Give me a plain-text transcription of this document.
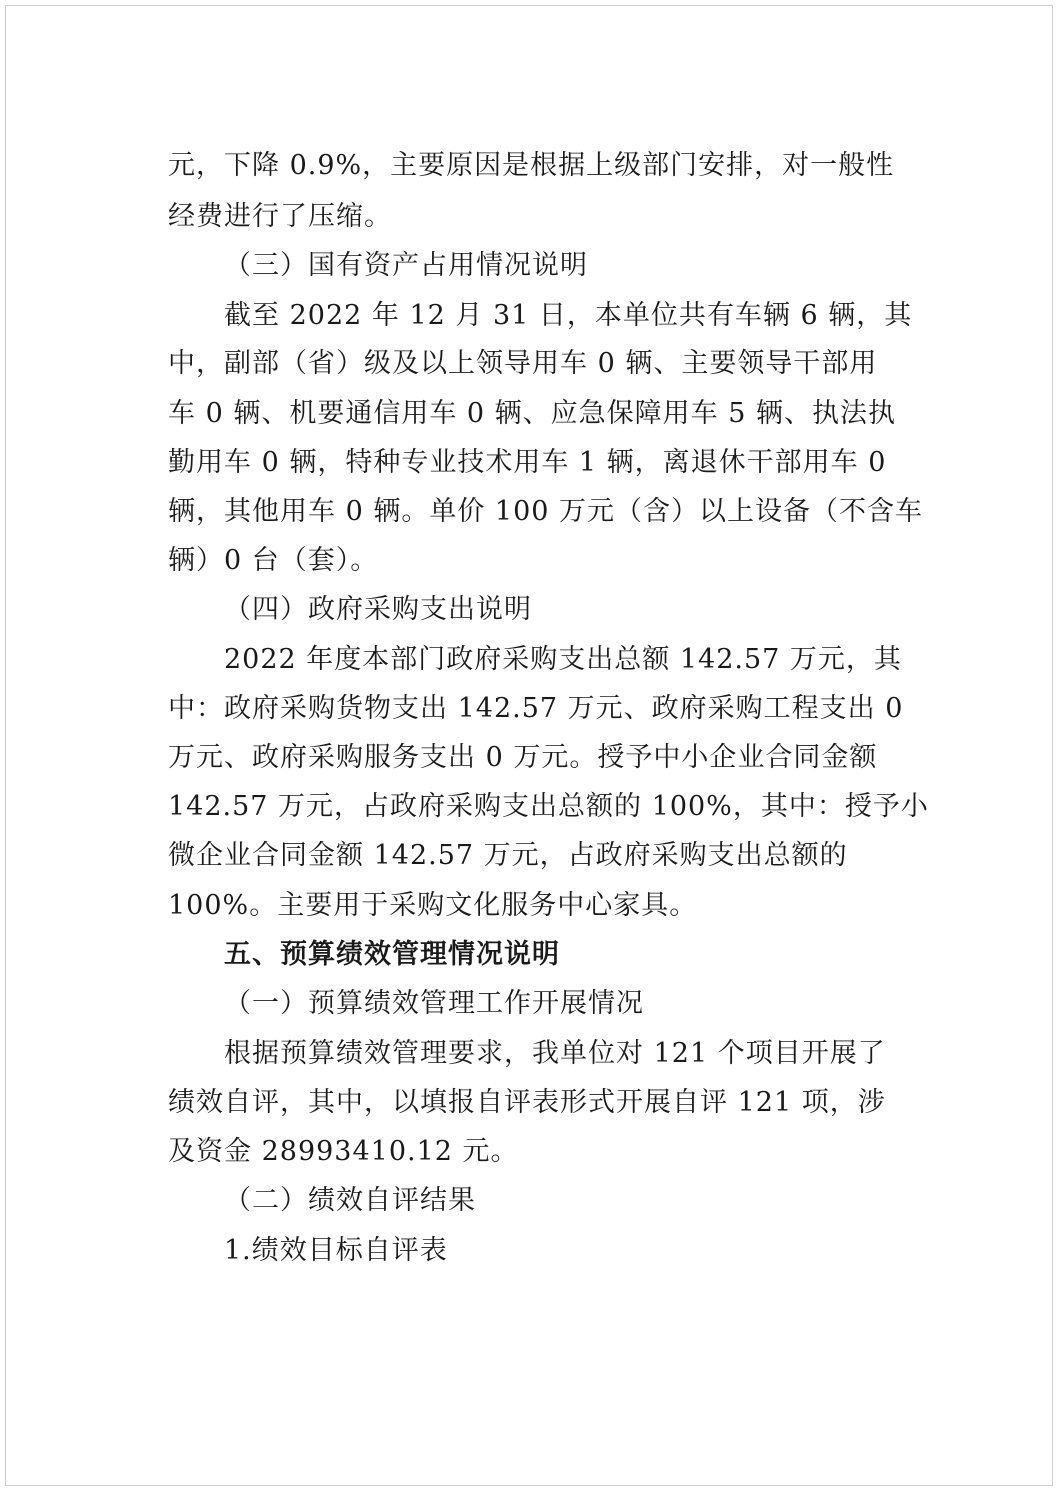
元，下降 0.9%，主要原因是根据上级部门安排，对一般性
经费进行了压缩。
（三）国有资产占用情况说明
截至 2022 年 12 月 31 日，本单位共有车辆 6 辆，其
中，副部（省）级及以上领导用车 0 辆、主要领导干部用
车 0 辆、机要通信用车 0 辆、应急保障用车 5 辆、执法执
勤用车 0 辆，特种专业技术用车 1 辆，离退休干部用车 0
辆，其他用车 0 辆。单价 100 万元（含）以上设备（不含车
辆）0 台（套）。
（四）政府采购支出说明
2022 年度本部门政府采购支出总额 142.57 万元，其
中：政府采购货物支出 142.57 万元、政府采购工程支出 0
万元、政府采购服务支出 0 万元。授予中小企业合同金额
142.57 万元，占政府采购支出总额的 100%，其中：授予小
微企业合同金额 142.57 万元，占政府采购支出总额的
100%。主要用于采购文化服务中心家具。
五、预算绩效管理情况说明
（一）预算绩效管理工作开展情况
根据预算绩效管理要求，我单位对 121 个项目开展了
绩效自评，其中，以填报自评表形式开展自评 121 项，涉
及资金 28993410.12 元。
（二）绩效自评结果
1.绩效目标自评表
